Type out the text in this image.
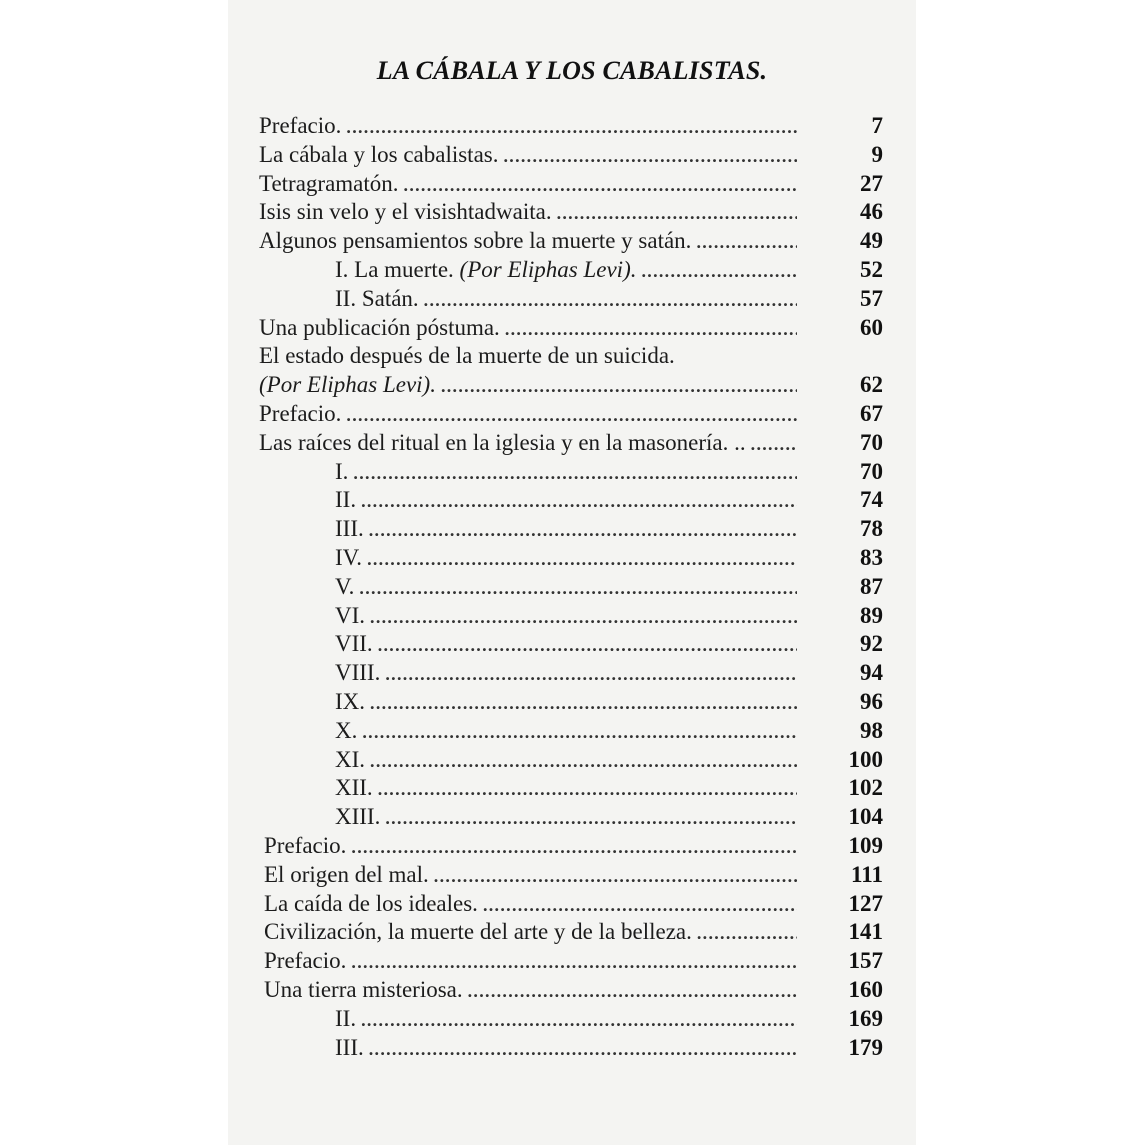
LA CÁBALA Y LOS CABALISTAS.
Prefacio. . . .	7
La cábala y los cabalistas. . . .	9
Tetragramatón. . . .	27
Isis sin velo y el visishtadwaita. . . .	46
Algunos pensamientos sobre la muerte y satán. . . .	49
I. La muerte. (Por Eliphas Levi). . . .	52
II. Satán. . . .	57
Una publicación póstuma. . . .	60
El estado después de la muerte de un suicida.
(Por Eliphas Levi). . . .	62
Prefacio. . . .	67
Las raíces del ritual en la iglesia y en la masonería. .. . . .	70
I. . . .	70
II. . . .	74
III. . . .	78
IV. . . .	83
V. . . .	87
VI. . . .	89
VII. . . .	92
VIII. . . .	94
IX. . . .	96
X. . . .	98
XI. . . .	100
XII. . . .	102
XIII. . . .	104
Prefacio. . . .	109
El origen del mal. . . .	111
La caída de los ideales. . . .	127
Civilización, la muerte del arte y de la belleza. . . .	141
Prefacio. . . .	157
Una tierra misteriosa. . . .	160
II. . . .	169
III. . . .	179
